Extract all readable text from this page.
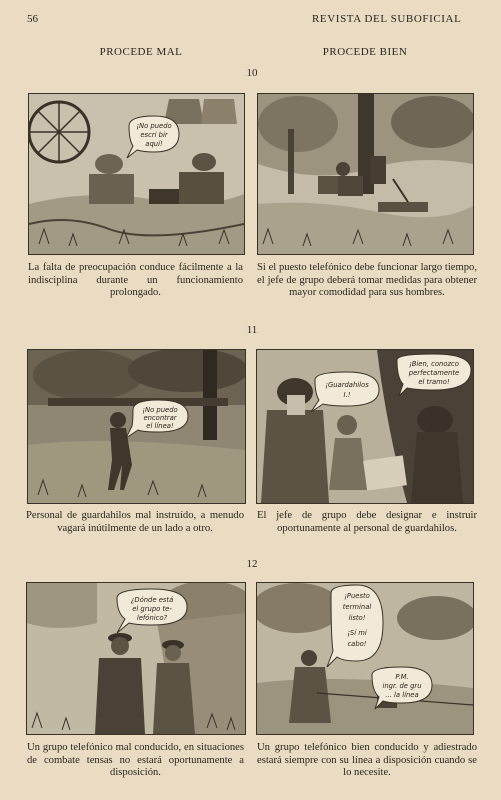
56	REVISTA DEL SUBOFICIAL
PROCEDE MAL	PROCEDE BIEN
10
¡No puedo
escri bir
aquí!
La falta de preocupación conduce fácilmente a la indisciplina durante un funcionamiento prolongado.
Si el puesto telefónico debe funcionar largo tiempo, el jefe de grupo deberá tomar medidas para obtener mayor comodidad para sus hombres.
11
¡No puedo
encontrar
el línea!
¡Guardahilos
I.!
¡Bien, conozco
perfectamente
el tramo!
Personal de guardahilos mal instruído, a menudo vagará inútilmente de un lado a otro.
El jefe de grupo debe designar e instruir oportunamente al personal de guardahilos.
12
¿Dónde está
el grupo te-
lefónico?
¡Puesto
terminal
listo!
¡Sí mi
cabo!
P.M.
ingr. de gru
... la línea
Un grupo telefónico mal conducido, en situaciones de combate tensas no estará oportunamente a disposición.
Un grupo telefónico bien conducido y adiestrado estará siempre con su línea a disposición cuando se lo necesite.
